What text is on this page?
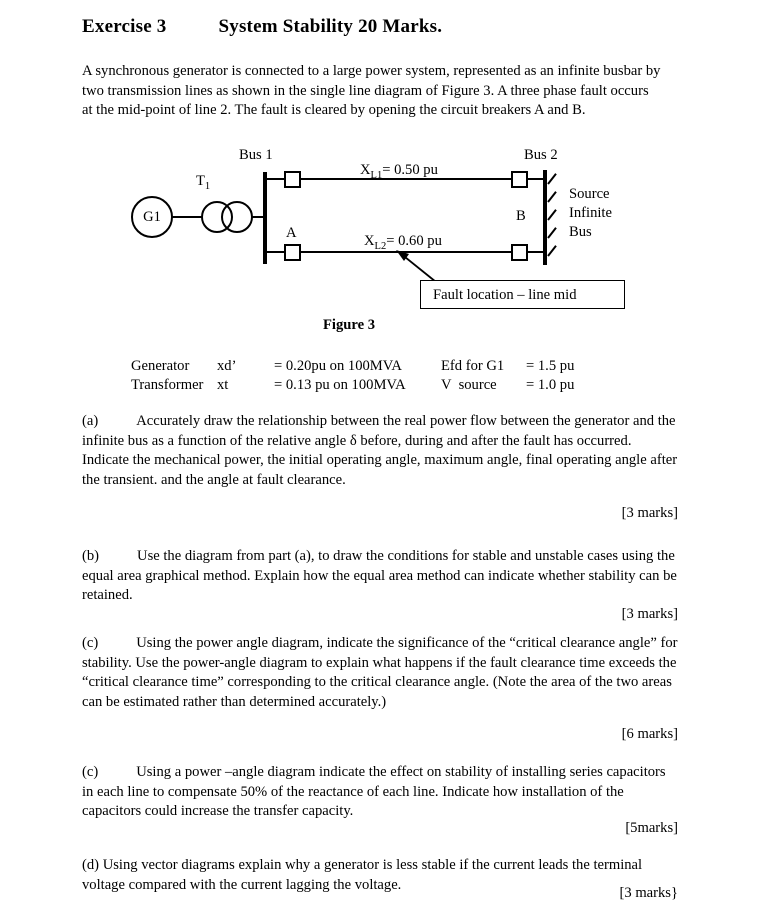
Exercise 3	System Stability 20 Marks.
A synchronous generator is connected to a large power system, represented as an infinite busbar by two transmission lines as shown in the single line diagram of Figure 3. A three phase fault occurs at the mid-point of line 2. The fault is cleared by opening the circuit breakers A and B.
Bus 1	Bus 2
$T_1$
G1
$X_{L1}= 0.50$ pu
A	$X_{L2}= 0.60$ pu
B
Source
Infinite
Bus
Fault location – line mid
Figure 3
Generator	xd’	= 0.20pu on 100MVA	Efd for G1	= 1.5 pu
Transformer	xt	= 0.13 pu on 100MVA	V  source	= 1.0 pu
(a)	Accurately draw the relationship between the real power flow between the generator and the infinite bus as a function of the relative angle δ before, during and after the fault has occurred. Indicate the mechanical power, the initial operating angle, maximum angle, final operating angle after the transient. and the angle at fault clearance.
[3 marks]
(b)	Use the diagram from part (a), to draw the conditions for stable and unstable cases using the equal area graphical method. Explain how the equal area method can indicate whether stability can be retained.
[3 marks]
(c)	Using the power angle diagram, indicate the significance of the “critical clearance angle” for stability. Use the power-angle diagram to explain what happens if the fault clearance time exceeds the “critical clearance time” corresponding to the critical clearance angle. (Note the area of the two areas can be estimated rather than determined accurately.)
[6 marks]
(c)	Using a power –angle diagram indicate the effect on stability of installing series capacitors in each line to compensate 50% of the reactance of each line. Indicate how installation of the capacitors could increase the transfer capacity.
[5marks]
(d) Using vector diagrams explain why a generator is less stable if the current leads the terminal voltage compared with the current lagging the voltage.
[3 marks}
